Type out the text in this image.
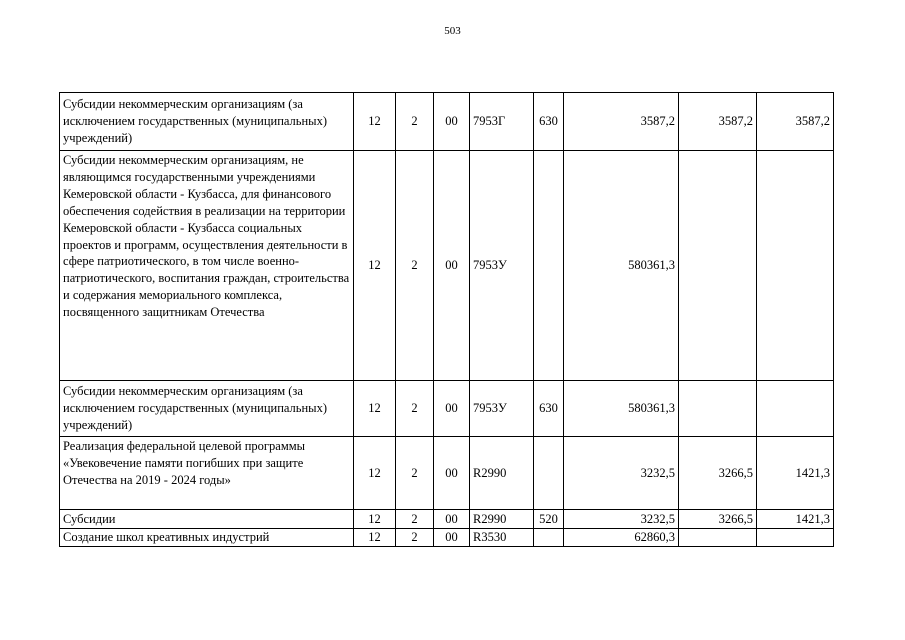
503
Субсидии некоммерческим организациям (за исключением государственных (муниципальных) учреждений)	12	2	00	7953Г	630	3587,2	3587,2	3587,2
Субсидии некоммерческим организациям, не являющимся государственными учреждениями Кемеровской области - Кузбасса, для финансового обеспечения содействия в реализации на территории Кемеровской области - Кузбасса социальных проектов и программ, осуществления деятельности в сфере патриотического, в том числе военно-патриотического, воспитания граждан, строительства и содержания мемориального комплекса, посвященного защитникам Отечества	12	2	00	7953У		580361,3		
Субсидии некоммерческим организациям (за исключением государственных (муниципальных) учреждений)	12	2	00	7953У	630	580361,3		
Реализация федеральной целевой программы «Увековечение памяти погибших при защите Отечества на 2019 - 2024 годы»	12	2	00	R2990		3232,5	3266,5	1421,3
Субсидии	12	2	00	R2990	520	3232,5	3266,5	1421,3
Создание школ креативных индустрий	12	2	00	R3530		62860,3		
